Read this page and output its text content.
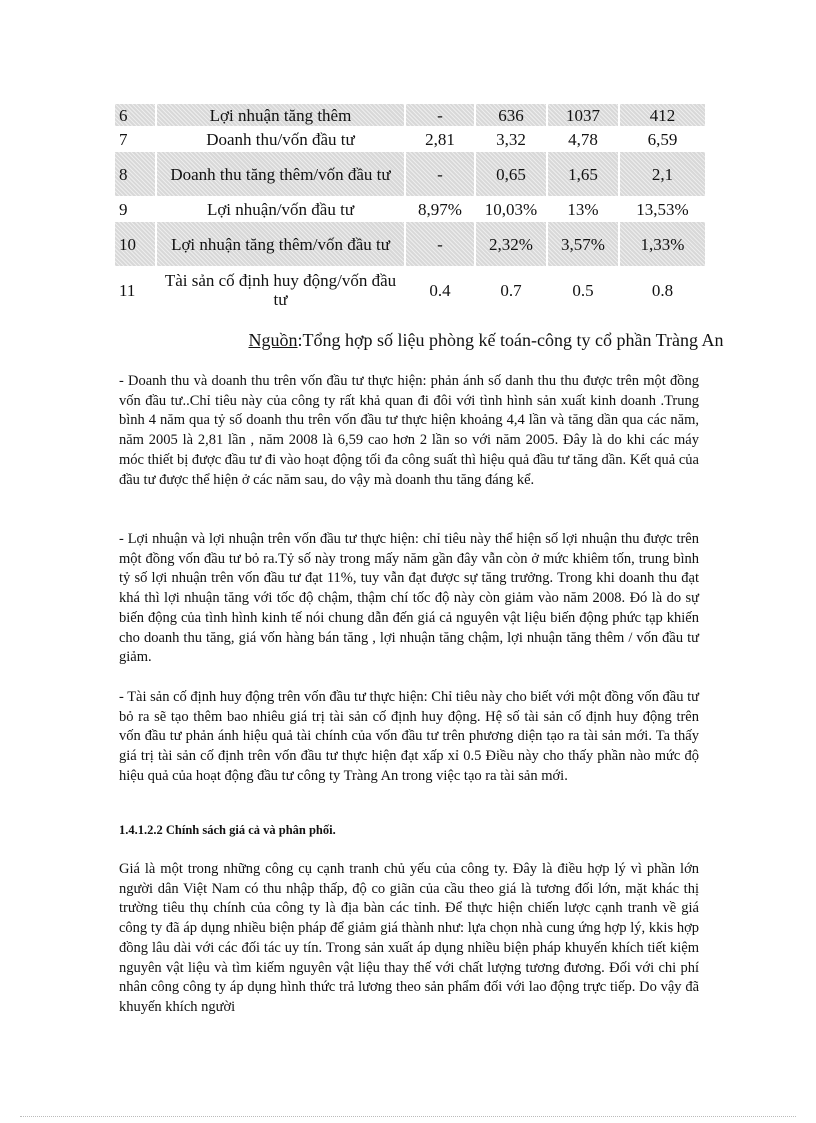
6	Lợi nhuận tăng thêm	-	636	1037	412
7	Doanh thu/vốn đầu tư	2,81	3,32	4,78	6,59
8	Doanh thu tăng thêm/vốn đầu tư	-	0,65	1,65	2,1
9	Lợi nhuận/vốn đầu tư	8,97%	10,03%	13%	13,53%
10	Lợi nhuận tăng thêm/vốn đầu tư	-	2,32%	3,57%	1,33%
11	Tài sản cố định huy động/vốn đầu tư	0.4	0.7	0.5	0.8
Nguồn:Tổng hợp số liệu phòng kế toán-công ty cổ phần Tràng An

- Doanh thu và doanh thu trên vốn đầu tư thực hiện: phản ánh số danh thu thu được trên một đồng vốn đầu tư..Chỉ tiêu này của công ty rất khả quan đi đôi với tình hình sản xuất kinh doanh .Trung bình 4 năm qua tỷ số doanh thu trên vốn đầu tư thực hiện khoảng 4,4 lần và tăng dần qua các năm, năm 2005 là 2,81 lần , năm 2008 là 6,59 cao hơn 2 lần so với năm 2005. Đây là do khi các máy móc thiết bị được đầu tư đi vào hoạt động tối đa công suất thì hiệu quả đầu tư tăng dần. Kết quả của đầu tư được thể hiện ở các năm sau, do vậy mà doanh thu tăng đáng kể.

- Lợi nhuận và lợi nhuận trên vốn đầu tư thực hiện: chỉ tiêu này thể hiện số lợi nhuận thu được trên một đồng vốn đầu tư bỏ ra.Tỷ số này trong mấy năm gần đây vẫn còn ở mức khiêm tốn, trung bình tỷ số lợi nhuận trên vốn đầu tư đạt 11%, tuy vẫn đạt được sự tăng trưởng. Trong khi doanh thu đạt khá thì lợi nhuận tăng với tốc độ chậm, thậm chí tốc độ này còn giảm vào năm 2008. Đó là do sự biến động của tình hình kinh tế nói chung dẫn đến giá cả nguyên vật liệu biến động phức tạp khiến cho doanh thu tăng, giá vốn hàng bán tăng , lợi nhuận tăng chậm, lợi nhuận tăng thêm / vốn đầu tư giảm.

- Tài sản cố định huy động trên vốn đầu tư thực hiện: Chỉ tiêu này cho biết với một đồng vốn đầu tư bỏ ra sẽ tạo thêm bao nhiêu giá trị tài sản cố định huy động. Hệ số tài sản cố định huy động trên vốn đầu tư phản ánh hiệu quả tài chính của vốn đầu tư trên phương diện tạo ra tài sản mới. Ta thấy giá trị tài sản cố định trên vốn đầu tư thực hiện đạt xấp xỉ 0.5 Điều này cho thấy phần nào mức độ hiệu quả của hoạt động đầu tư công ty Tràng An trong việc tạo ra tài sản mới.

1.4.1.2.2 Chính sách giá cả và phân phối.

Giá là một trong những công cụ cạnh tranh chủ yếu của công ty. Đây là điều hợp lý vì phần lớn người dân Việt Nam có thu nhập thấp, độ co giãn của cầu theo giá là tương đối lớn, mặt khác thị trường tiêu thụ chính của công ty là địa bàn các tỉnh. Để thực hiện chiến lược cạnh tranh về giá công ty đã áp dụng nhiều biện pháp để giảm giá thành như: lựa chọn nhà cung ứng hợp lý, kkis hợp đồng lâu dài với các đối tác uy tín. Trong sản xuất áp dụng nhiều biện pháp khuyến khích tiết kiệm nguyên vật liệu và tìm kiếm nguyên vật liệu thay thế với chất lượng tương đương. Đối với chi phí nhân công công ty áp dụng hình thức trả lương theo sản phẩm đối với lao động trực tiếp. Do vậy đã khuyến khích người
